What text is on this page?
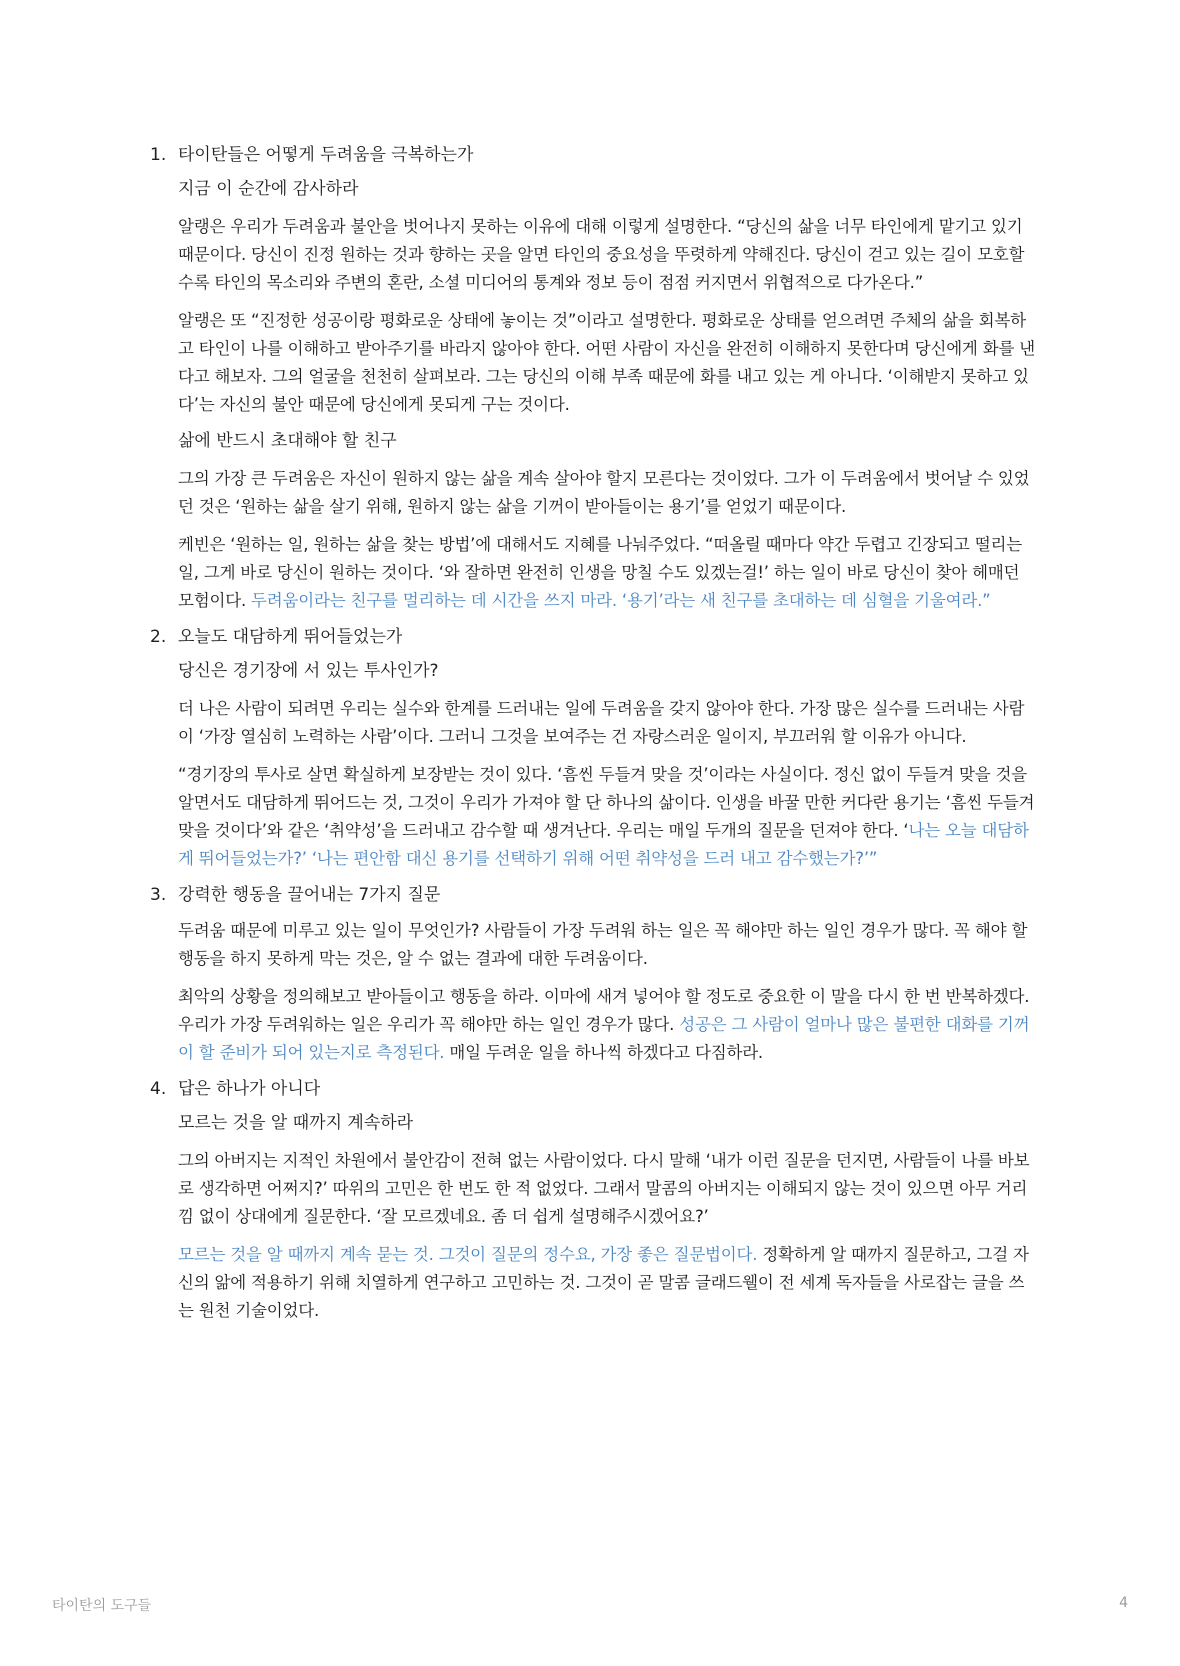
1. 타이탄들은 어떻게 두려움을 극복하는가

지금 이 순간에 감사하라

알랭은 우리가 두려움과 불안을 벗어나지 못하는 이유에 대해 이렇게 설명한다. “당신의 삶을 너무 타인에게 맡기고 있기 때문이다. 당신이 진정 원하는 것과 향하는 곳을 알면 타인의 중요성을 뚜렷하게 약해진다. 당신이 걷고 있는 길이 모호할수록 타인의 목소리와 주변의 혼란, 소셜 미디어의 통계와 정보 등이 점점 커지면서 위협적으로 다가온다.”

알랭은 또 “진정한 성공이랑 평화로운 상태에 놓이는 것”이라고 설명한다. 평화로운 상태를 얻으려면 주체의 삶을 회복하고 타인이 나를 이해하고 받아주기를 바라지 않아야 한다. 어떤 사람이 자신을 완전히 이해하지 못한다며 당신에게 화를 낸다고 해보자. 그의 얼굴을 천천히 살펴보라. 그는 당신의 이해 부족 때문에 화를 내고 있는 게 아니다. ‘이해받지 못하고 있다’는 자신의 불안 때문에 당신에게 못되게 구는 것이다.

삶에 반드시 초대해야 할 친구

그의 가장 큰 두려움은 자신이 원하지 않는 삶을 계속 살아야 할지 모른다는 것이었다. 그가 이 두려움에서 벗어날 수 있었던 것은 ‘원하는 삶을 살기 위해, 원하지 않는 삶을 기꺼이 받아들이는 용기’를 얻었기 때문이다.

케빈은 ‘원하는 일, 원하는 삶을 찾는 방법’에 대해서도 지혜를 나눠주었다. “떠올릴 때마다 약간 두렵고 긴장되고 떨리는 일, 그게 바로 당신이 원하는 것이다. ‘와 잘하면 완전히 인생을 망칠 수도 있겠는걸!’ 하는 일이 바로 당신이 찾아 헤매던 모험이다. 두려움이라는 친구를 멀리하는 데 시간을 쓰지 마라. ‘용기’라는 새 친구를 초대하는 데 심혈을 기울여라.”

2. 오늘도 대담하게 뛰어들었는가

당신은 경기장에 서 있는 투사인가?

더 나은 사람이 되려면 우리는 실수와 한계를 드러내는 일에 두려움을 갖지 않아야 한다. 가장 많은 실수를 드러내는 사람이 ‘가장 열심히 노력하는 사람’이다. 그러니 그것을 보여주는 건 자랑스러운 일이지, 부끄러워 할 이유가 아니다.

“경기장의 투사로 살면 확실하게 보장받는 것이 있다. ‘흠씬 두들겨 맞을 것’이라는 사실이다. 정신 없이 두들겨 맞을 것을 알면서도 대담하게 뛰어드는 것, 그것이 우리가 가져야 할 단 하나의 삶이다. 인생을 바꿀 만한 커다란 용기는 ‘흠씬 두들겨 맞을 것이다’와 같은 ‘취약성’을 드러내고 감수할 때 생겨난다. 우리는 매일 두개의 질문을 던져야 한다. ‘나는 오늘 대담하게 뛰어들었는가?’ ‘나는 편안함 대신 용기를 선택하기 위해 어떤 취약성을 드러 내고 감수했는가?’”

3. 강력한 행동을 끌어내는 7가지 질문

두려움 때문에 미루고 있는 일이 무엇인가? 사람들이 가장 두려워 하는 일은 꼭 해야만 하는 일인 경우가 많다. 꼭 해야 할 행동을 하지 못하게 막는 것은, 알 수 없는 결과에 대한 두려움이다.

최악의 상황을 정의해보고 받아들이고 행동을 하라. 이마에 새겨 넣어야 할 정도로 중요한 이 말을 다시 한 번 반복하겠다. 우리가 가장 두려워하는 일은 우리가 꼭 해야만 하는 일인 경우가 많다. 성공은 그 사람이 얼마나 많은 불편한 대화를 기꺼이 할 준비가 되어 있는지로 측정된다. 매일 두려운 일을 하나씩 하겠다고 다짐하라.

4. 답은 하나가 아니다

모르는 것을 알 때까지 계속하라

그의 아버지는 지적인 차원에서 불안감이 전혀 없는 사람이었다. 다시 말해 ‘내가 이런 질문을 던지면, 사람들이 나를 바보로 생각하면 어쩌지?’ 따위의 고민은 한 번도 한 적 없었다. 그래서 말콤의 아버지는 이해되지 않는 것이 있으면 아무 거리낌 없이 상대에게 질문한다. ‘잘 모르겠네요. 좀 더 쉽게 설명해주시겠어요?’

모르는 것을 알 때까지 계속 묻는 것. 그것이 질문의 정수요, 가장 좋은 질문법이다. 정확하게 알 때까지 질문하고, 그걸 자신의 앎에 적용하기 위해 치열하게 연구하고 고민하는 것. 그것이 곧 말콤 글래드웰이 전 세계 독자들을 사로잡는 글을 쓰는 원천 기술이었다.

타이탄의 도구들	4
